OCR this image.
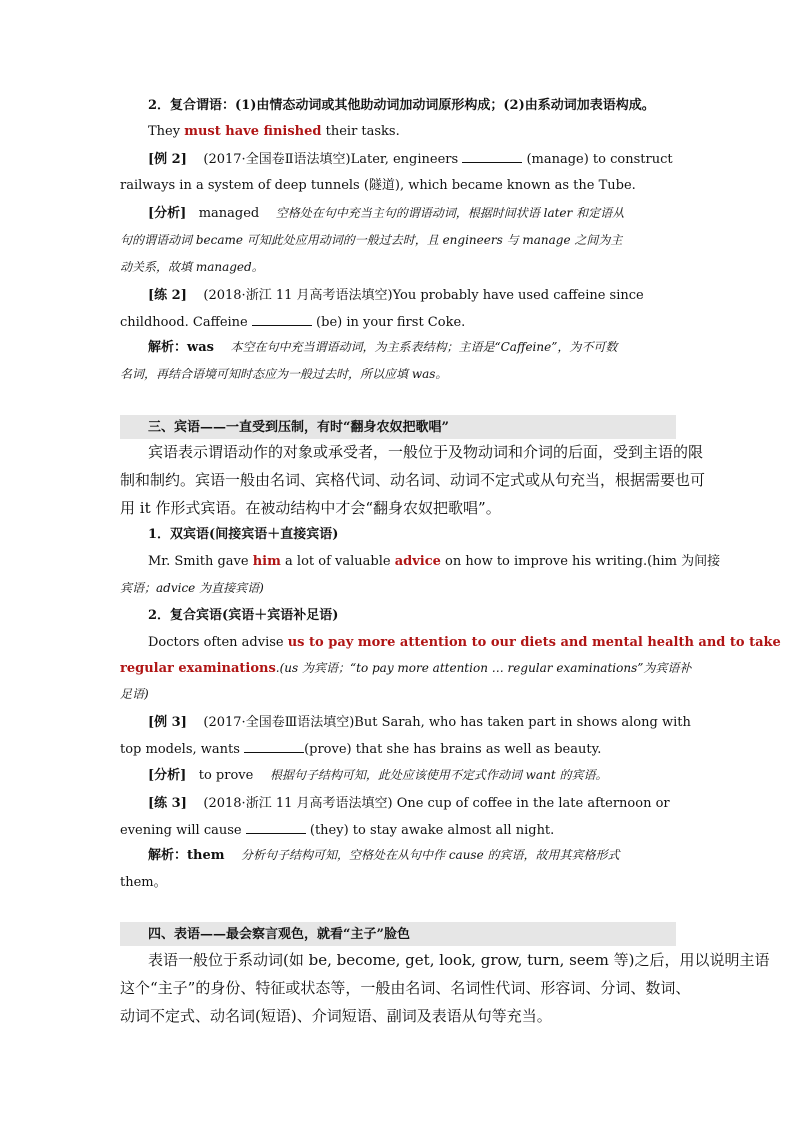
2．复合谓语：(1)由情态动词或其他助动词加动词原形构成；(2)由系动词加表语构成。
They must have finished their tasks.
[例 2] (2017·全国卷Ⅱ语法填空)Later, engineers	(manage) to construct
railways in a system of deep tunnels (隧道), which became known as the Tube.
[分析] managed 空格处在句中充当主句的谓语动词，根据时间状语 later 和定语从
句的谓语动词 became 可知此处应用动词的一般过去时，且 engineers 与 manage 之间为主
动关系，故填 managed。
[练 2] (2018·浙江 11 月高考语法填空)You probably have used caffeine since
childhood. Caffeine	(be) in your first Coke.
解析：was 本空在句中充当谓语动词，为主系表结构；主语是“Caffeine”，为不可数
名词，再结合语境可知时态应为一般过去时，所以应填 was。
三、宾语——一直受到压制，有时“翻身农奴把歌唱”
宾语表示谓语动作的对象或承受者，一般位于及物动词和介词的后面，受到主语的限
制和制约。宾语一般由名词、宾格代词、动名词、动词不定式或从句充当，根据需要也可
用 it 作形式宾语。在被动结构中才会“翻身农奴把歌唱”。
1．双宾语(间接宾语＋直接宾语)
Mr. Smith gave him a lot of valuable advice on how to improve his writing.(him 为间接
宾语；advice 为直接宾语)
2．复合宾语(宾语＋宾语补足语)
Doctors often advise us to pay more attention to our diets and mental health and to take
regular examinations.(us 为宾语；“to pay more attention … regular examinations”为宾语补
足语)
[例 3] (2017·全国卷Ⅲ语法填空)But Sarah, who has taken part in shows along with
top models, wants	(prove) that she has brains as well as beauty.
[分析] to prove 根据句子结构可知，此处应该使用不定式作动词 want 的宾语。
[练 3] (2018·浙江 11 月高考语法填空) One cup of coffee in the late afternoon or
evening will cause	(they) to stay awake almost all night.
解析：them 分析句子结构可知，空格处在从句中作 cause 的宾语，故用其宾格形式
them。
四、表语——最会察言观色，就看“主子”脸色
表语一般位于系动词(如 be, become, get, look, grow, turn, seem 等)之后，用以说明主语
这个“主子”的身份、特征或状态等，一般由名词、名词性代词、形容词、分词、数词、
动词不定式、动名词(短语)、介词短语、副词及表语从句等充当。
